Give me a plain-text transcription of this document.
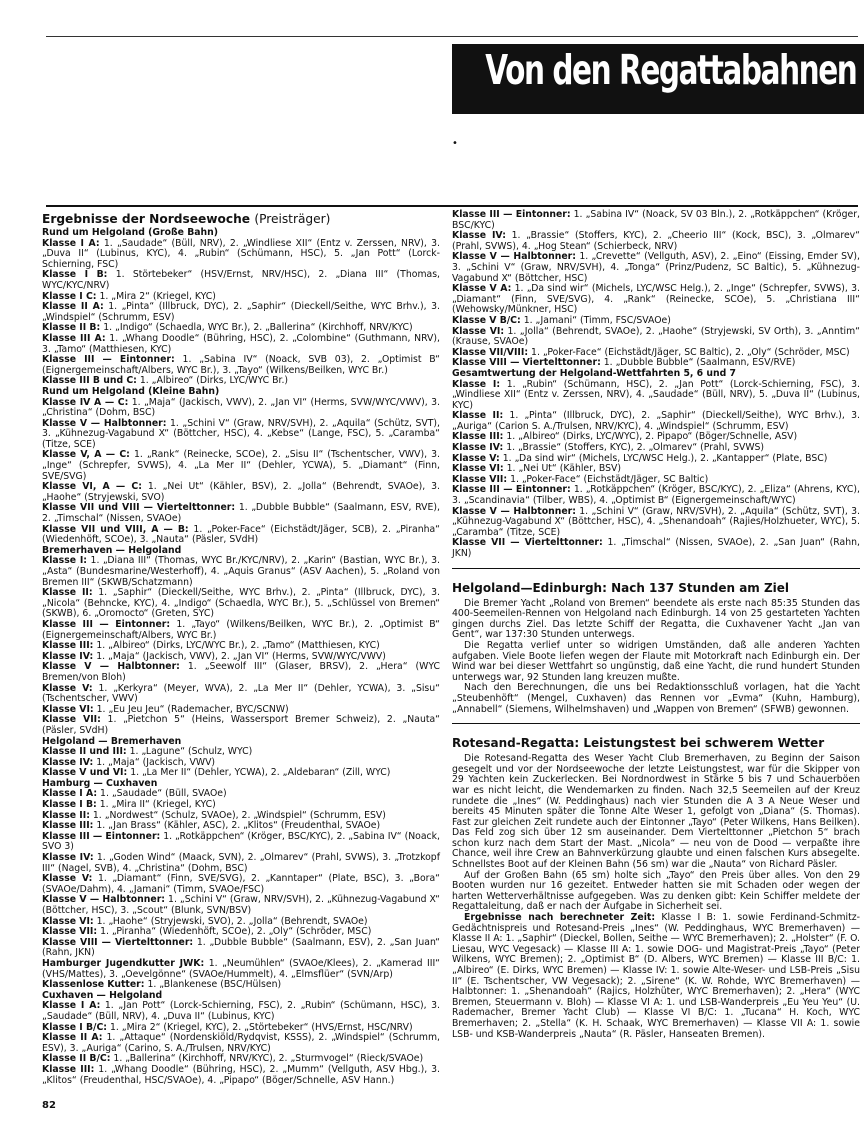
Von den Regattabahnen
•
Ergebnisse der Nordseewoche (Preisträger)

Rund um Helgoland (Große Bahn)

Klasse I A: 1. „Saudade“ (Büll, NRV), 2. „Windliese XII“ (Entz v. Zerssen, NRV), 3. „Duva II“ (Lubinus, KYC), 4. „Rubin“ (Schümann, HSC), 5. „Jan Pott“ (Lorck-Schierning, FSC)

Klasse I B: 1. Störtebeker“ (HSV/Ernst, NRV/HSC), 2. „Diana III“ (Thomas, WYC/KYC/NRV)

Klasse I C: 1. „Mira 2“ (Kriegel, KYC)

Klasse II A: 1. „Pinta“ (Illbruck, DYC), 2. „Saphir“ (Dieckell/Seithe, WYC Brhv.), 3. „Windspiel“ (Schrumm, ESV)

Klasse II B: 1. „Indigo“ (Schaedla, WYC Br.), 2. „Ballerina“ (Kirchhoff, NRV/KYC)

Klasse III A: 1. „Whang Doodle“ (Bühring, HSC), 2. „Colombine“ (Guthmann, NRV), 3. „Tamo“ (Matthiesen, KYC)

Klasse III — Eintonner: 1. „Sabina IV“ (Noack, SVB 03), 2. „Optimist B“ (Eignergemeinschaft/Albers, WYC Br.), 3. „Tayo“ (Wilkens/Beilken, WYC Br.)

Klasse III B und C: 1. „Albireo“ (Dirks, LYC/WYC Br.)

Rund um Helgoland (Kleine Bahn)

Klasse IV A — C: 1. „Maja“ (Jackisch, VWV), 2. „Jan VI“ (Herms, SVW/WYC/VWV), 3. „Christina“ (Dohm, BSC)

Klasse V — Halbtonner: 1. „Schini V“ (Graw, NRV/SVH), 2. „Aquila“ (Schütz, SVT), 3. „Kühnezug-Vagabund X“ (Böttcher, HSC), 4. „Kebse“ (Lange, FSC), 5. „Caramba“ (Titze, SCE)

Klasse V, A — C: 1. „Rank“ (Reinecke, SCOe), 2. „Sisu II“ (Tschentscher, VWV), 3. „Inge“ (Schrepfer, SVWS), 4. „La Mer II“ (Dehler, YCWA), 5. „Diamant“ (Finn, SVE/SVG)

Klasse VI, A — C: 1. „Nei Ut“ (Kähler, BSV), 2. „Jolla“ (Behrendt, SVAOe), 3. „Haohe“ (Stryjewski, SVO)

Klasse VII und VIII — Viertelttonner: 1. „Dubble Bubble“ (Saalmann, ESV, RVE), 2. „Timschal“ (Nissen, SVAOe)

Klasse VII und VIII, A — B: 1. „Poker-Face“ (Eichstädt/Jäger, SCB), 2. „Piranha“ (Wiedenhöft, SCOe), 3. „Nauta“ (Päsler, SVdH)

Bremerhaven — Helgoland

Klasse I: 1. „Diana III“ (Thomas, WYC Br./KYC/NRV), 2. „Karin“ (Bastian, WYC Br.), 3. „Asta“ (Bundesmarine/Westerhoff), 4. „Aquis Granus“ (ASV Aachen), 5. „Roland von Bremen III“ (SKWB/Schatzmann)

Klasse II: 1. „Saphir“ (Dieckell/Seithe, WYC Brhv.), 2. „Pinta“ (Illbruck, DYC), 3. „Nicola“ (Behncke, KYC), 4. „Indigo“ (Schaedla, WYC Br.), 5. „Schlüssel von Bremen“ (SKWB), 6. „Oromocto“ (Greten, SYC)

Klasse III — Eintonner: 1. „Tayo“ (Wilkens/Beilken, WYC Br.), 2. „Optimist B“ (Eignergemeinschaft/Albers, WYC Br.)

Klasse III: 1. „Albireo“ (Dirks, LYC/WYC Br.), 2. „Tamo“ (Matthiesen, KYC)

Klasse IV: 1. „Maja“ (Jackisch, VWV), 2. „Jan VI“ (Herms, SVW/WYC/VWV)

Klasse V — Halbtonner: 1. „Seewolf III“ (Glaser, BRSV), 2. „Hera“ (WYC Bremen/von Bloh)

Klasse V: 1. „Kerkyra“ (Meyer, WVA), 2. „La Mer II“ (Dehler, YCWA), 3. „Sisu“ (Tschentscher, VWV)

Klasse VI: 1. „Eu Jeu Jeu“ (Rademacher, BYC/SCNW)

Klasse VII: 1. „Pietchon 5“ (Heins, Wassersport Bremer Schweiz), 2. „Nauta“ (Päsler, SVdH)

Helgoland — Bremerhaven

Klasse II und III: 1. „Lagune“ (Schulz, WYC)

Klasse IV: 1. „Maja“ (Jackisch, VWV)

Klasse V und VI: 1. „La Mer II“ (Dehler, YCWA), 2. „Aldebaran“ (Zill, WYC)

Hamburg — Cuxhaven

Klasse I A: 1. „Saudade“ (Büll, SVAOe)

Klasse I B: 1. „Mira II“ (Kriegel, KYC)

Klasse II: 1. „Nordwest“ (Schulz, SVAOe), 2. „Windspiel“ (Schrumm, ESV)

Klasse III: 1. „Jan Brass“ (Kähler, ASC), 2. „Klitos“ (Freudenthal, SVAOe)

Klasse III — Eintonner: 1. „Rotkäppchen“ (Kröger, BSC/KYC), 2. „Sabina IV“ (Noack, SVO 3)

Klasse IV: 1. „Goden Wind“ (Maack, SVN), 2. „Olmarev“ (Prahl, SVWS), 3. „Trotzkopf III“ (Nagel, SVB), 4. „Christina“ (Dohm, BSC)

Klasse V: 1. „Diamant“ (Finn, SVE/SVG), 2. „Kanntaper“ (Plate, BSC), 3. „Bora“ (SVAOe/Dahm), 4. „Jamani“ (Timm, SVAOe/FSC)

Klasse V — Halbtonner: 1. „Schini V“ (Graw, NRV/SVH), 2. „Kühnezug-Vagabund X“ (Böttcher, HSC), 3. „Scout“ (Blunk, SVN/BSV)

Klasse VI: 1. „Haohe“ (Stryjewski, SVO), 2. „Jolla“ (Behrendt, SVAOe)

Klasse VII: 1. „Piranha“ (Wiedenhöft, SCOe), 2. „Oly“ (Schröder, MSC)

Klasse VIII — Viertelttonner: 1. „Dubble Bubble“ (Saalmann, ESV), 2. „San Juan“ (Rahn, JKN)

Hamburger Jugendkutter JWK: 1. „Neumühlen“ (SVAOe/Klees), 2. „Kamerad III“ (VHS/Mattes), 3. „Oevelgönne“ (SVAOe/Hummelt), 4. „Elmsflüer“ (SVN/Arp)

Klassenlose Kutter: 1. „Blankenese (BSC/Hülsen)

Cuxhaven — Helgoland

Klasse I A: 1. „Jan Pott“ (Lorck-Schierning, FSC), 2. „Rubin“ (Schümann, HSC), 3. „Saudade“ (Büll, NRV), 4. „Duva II“ (Lubinus, KYC)

Klasse I B/C: 1. „Mira 2“ (Kriegel, KYC), 2. „Störtebeker“ (HVS/Ernst, HSC/NRV)

Klasse II A: 1. „Attaque“ (Nordenskiöld/Rydqvist, KSSS), 2. „Windspiel“ (Schrumm, ESV), 3. „Auriga“ (Carino, S. A./Trulsen, NRV/KYC)

Klasse II B/C: 1. „Ballerina“ (Kirchhoff, NRV/KYC), 2. „Sturmvogel“ (Rieck/SVAOe)

Klasse III: 1. „Whang Doodle“ (Bühring, HSC), 2. „Mumm“ (Vellguth, ASV Hbg.), 3. „Klitos“ (Freudenthal, HSC/SVAOe), 4. „Pipapo“ (Böger/Schnelle, ASV Hann.)

Klasse III — Eintonner: 1. „Sabina IV“ (Noack, SV 03 Bln.), 2. „Rotkäppchen“ (Kröger, BSC/KYC)

Klasse IV: 1. „Brassie“ (Stoffers, KYC), 2. „Cheerio III“ (Kock, BSC), 3. „Olmarev“ (Prahl, SVWS), 4. „Hog Stean“ (Schierbeck, NRV)

Klasse V — Halbtonner: 1. „Crevette“ (Vellguth, ASV), 2. „Eino“ (Eissing, Emder SV), 3. „Schini V“ (Graw, NRV/SVH), 4. „Tonga“ (Prinz/Pudenz, SC Baltic), 5. „Kühnezug-Vagabund X“ (Böttcher, HSC)

Klasse V A: 1. „Da sind wir“ (Michels, LYC/WSC Helg.), 2. „Inge“ (Schrepfer, SVWS), 3. „Diamant“ (Finn, SVE/SVG), 4. „Rank“ (Reinecke, SCOe), 5. „Christiana III“ (Wehowsky/Münkner, HSC)

Klasse V B/C: 1. „Jamani“ (Timm, FSC/SVAOe)

Klasse VI: 1. „Jolla“ (Behrendt, SVAOe), 2. „Haohe“ (Stryjewski, SV Orth), 3. „Anntim“ (Krause, SVAOe)

Klasse VII/VIII: 1. „Poker-Face“ (Eichstädt/Jäger, SC Baltic), 2. „Oly“ (Schröder, MSC)

Klasse VIII — Viertelttonner: 1. „Dubble Bubble“ (Saalmann, ESV/RVE)

Gesamtwertung der Helgoland-Wettfahrten 5, 6 und 7

Klasse I: 1. „Rubin“ (Schümann, HSC), 2. „Jan Pott“ (Lorck-Schierning, FSC), 3. „Windliese XII“ (Entz v. Zerssen, NRV), 4. „Saudade“ (Büll, NRV), 5. „Duva II“ (Lubinus, KYC)

Klasse II: 1. „Pinta“ (Illbruck, DYC), 2. „Saphir“ (Dieckell/Seithe), WYC Brhv.), 3. „Auriga“ (Carion S. A./Trulsen, NRV/KYC), 4. „Windspiel“ (Schrumm, ESV)

Klasse III: 1. „Albireo“ (Dirks, LYC/WYC), 2. Pipapo“ (Böger/Schnelle, ASV)

Klasse IV: 1. „Brassie“ (Stoffers, KYC), 2. „Olmarev“ (Prahl, SVWS)

Klasse V: 1. „Da sind wir“ (Michels, LYC/WSC Helg.), 2. „Kantapper“ (Plate, BSC)

Klasse VI: 1. „Nei Ut“ (Kähler, BSV)

Klasse VII: 1. „Poker-Face“ (Eichstädt/Jäger, SC Baltic)

Klasse III — Eintonner: 1. „Rotkäppchen“ (Kröger, BSC/KYC), 2. „Eliza“ (Ahrens, KYC), 3. „Scandinavia“ (Tilber, WBS), 4. „Optimist B“ (Eignergemeinschaft/WYC)

Klasse V — Halbtonner: 1. „Schini V“ (Graw, NRV/SVH), 2. „Aquila“ (Schütz, SVT), 3. „Kühnezug-Vagabund X“ (Böttcher, HSC), 4. „Shenandoah“ (Rajies/Holzhueter, WYC), 5. „Caramba“ (Titze, SCE)

Klasse VII — Viertelttonner: 1. „Timschal“ (Nissen, SVAOe), 2. „San Juan“ (Rahn, JKN)

Helgoland—Edinburgh: Nach 137 Stunden am Ziel

Die Bremer Yacht „Roland von Bremen“ beendete als erste nach 85:35 Stunden das 400-Seemeilen-Rennen von Helgoland nach Edinburgh. 14 von 25 gestarteten Yachten gingen durchs Ziel. Das letzte Schiff der Regatta, die Cuxhavener Yacht „Jan van Gent“, war 137:30 Stunden unterwegs.

Die Regatta verlief unter so widrigen Umständen, daß alle anderen Yachten aufgaben. Viele Boote liefen wegen der Flaute mit Motorkraft nach Edinburgh ein. Der Wind war bei dieser Wettfahrt so ungünstig, daß eine Yacht, die rund hundert Stunden unterwegs war, 92 Stunden lang kreuzen mußte.

Nach den Berechnungen, die uns bei Redaktionsschluß vorlagen, hat die Yacht „Steubenhöft“ (Mengel, Cuxhaven) das Rennen vor „Evma“ (Kuhn, Hamburg), „Annabell“ (Siemens, Wilhelmshaven) und „Wappen von Bremen“ (SFWB) gewonnen.

Rotesand-Regatta: Leistungstest bei schwerem Wetter

Die Rotesand-Regatta des Weser Yacht Club Bremerhaven, zu Beginn der Saison gesegelt und vor der Nordseewoche der letzte Leistungstest, war für die Skipper von 29 Yachten kein Zuckerlecken. Bei Nordnordwest in Stärke 5 bis 7 und Schauerböen war es nicht leicht, die Wendemarken zu finden. Nach 32,5 Seemeilen auf der Kreuz rundete die „Ines“ (W. Peddinghaus) nach vier Stunden die A 3 A Neue Weser und bereits 45 Minuten später die Tonne Alte Weser 1, gefolgt von „Diana“ (S. Thomas). Fast zur gleichen Zeit rundete auch der Eintonner „Tayo“ (Peter Wilkens, Hans Beilken). Das Feld zog sich über 12 sm auseinander. Dem Viertelttonner „Pietchon 5“ brach schon kurz nach dem Start der Mast. „Nicola“ — neu von de Dood — verpaßte ihre Chance, weil ihre Crew an Bahnverkürzung glaubte und einen falschen Kurs absegelte. Schnellstes Boot auf der Kleinen Bahn (56 sm) war die „Nauta“ von Richard Päsler.

Auf der Großen Bahn (65 sm) holte sich „Tayo“ den Preis über alles. Von den 29 Booten wurden nur 16 gezeitet. Entweder hatten sie mit Schaden oder wegen der harten Wetterverhältnisse aufgegeben. Was zu denken gibt: Kein Schiffer meldete der Regattaleitung, daß er nach der Aufgabe in Sicherheit sei.

Ergebnisse nach berechneter Zeit: Klasse I B: 1. sowie Ferdinand-Schmitz-Gedächtnispreis und Rotesand-Preis „Ines“ (W. Peddinghaus, WYC Bremerhaven) — Klasse II A: 1. „Saphir“ (Dieckel, Bollen, Seithe — WYC Bremerhaven); 2. „Holster“ (F. O. Liesau, WYC Vegesack) — Klasse III A: 1. sowie DOG- und Magistrat-Preis „Tayo“ (Peter Wilkens, WYC Bremen); 2. „Optimist B“ (D. Albers, WYC Bremen) — Klasse III B/C: 1. „Albireo“ (E. Dirks, WYC Bremen) — Klasse IV: 1. sowie Alte-Weser- und LSB-Preis „Sisu II“ (E. Tschentscher, VW Vegesack); 2. „Sirene“ (K. W. Rohde, WYC Bremerhaven) — Halbtonner: 1. „Shenandoah“ (Rajics, Holzhüter, WYC Bremerhaven); 2. „Hera“ (WYC Bremen, Steuermann v. Bloh) — Klasse VI A: 1. und LSB-Wanderpreis „Eu Yeu Yeu“ (U. Rademacher, Bremer Yacht Club) — Klasse VI B/C: 1. „Tucana“ H. Koch, WYC Bremerhaven; 2. „Stella“ (K. H. Schaak, WYC Bremerhaven) — Klasse VII A: 1. sowie LSB- und KSB-Wanderpreis „Nauta“ (R. Päsler, Hanseaten Bremen).

82
